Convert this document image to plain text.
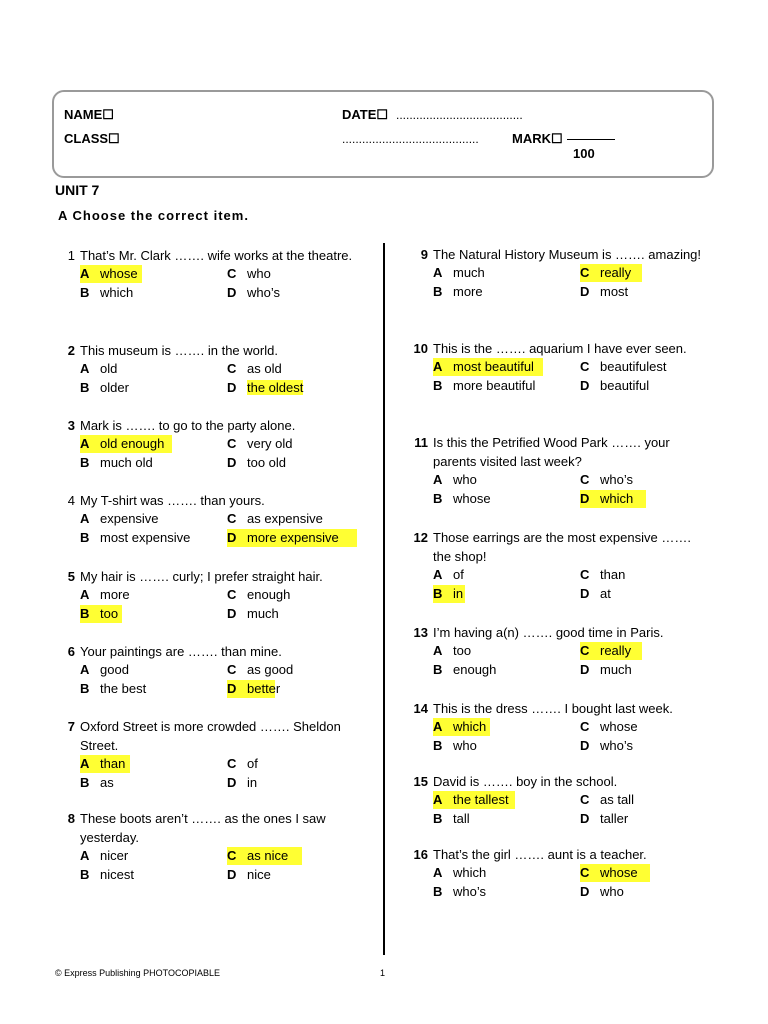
NAME☐
CLASS☐
DATE☐ ......................................
.........................................	MARK☐
100
UNIT 7
A Choose the correct item.
1 That’s Mr. Clark ……. wife works at the theatre.
A whose
B which
C who
D who’s
2 This museum is ……. in the world.
A old
B older
C as old
D the oldest
3 Mark is ……. to go to the party alone.
A old enough
B much old
C very old
D too old
4 My T-shirt was ……. than yours.
A expensive
B most expensive
C as expensive
D more expensive
5 My hair is ……. curly; I prefer straight hair.
A more
B too
C enough
D much
6 Your paintings are ……. than mine.
A good
B the best
C as good
D better
7 Oxford Street is more crowded ……. Sheldon Street.
A than
B as
C of
D in
8 These boots aren’t ……. as the ones I saw yesterday.
A nicer
B nicest
C as nice
D nice
9 The Natural History Museum is ……. amazing!
A much
B more
C really
D most
10 This is the ……. aquarium I have ever seen.
A most beautiful
B more beautiful
C beautifulest
D beautiful
11 Is this the Petrified Wood Park ……. your parents visited last week?
A who
B whose
C who’s
D which
12 Those earrings are the most expensive ……. the shop!
A of
B in
C than
D at
13 I’m having a(n) ……. good time in Paris.
A too
B enough
C really
D much
14 This is the dress ……. I bought last week.
A which
B who
C whose
D who’s
15 David is ……. boy in the school.
A the tallest
B tall
C as tall
D taller
16 That’s the girl ……. aunt is a teacher.
A which
B who’s
C whose
D who
© Express Publishing PHOTOCOPIABLE	1
